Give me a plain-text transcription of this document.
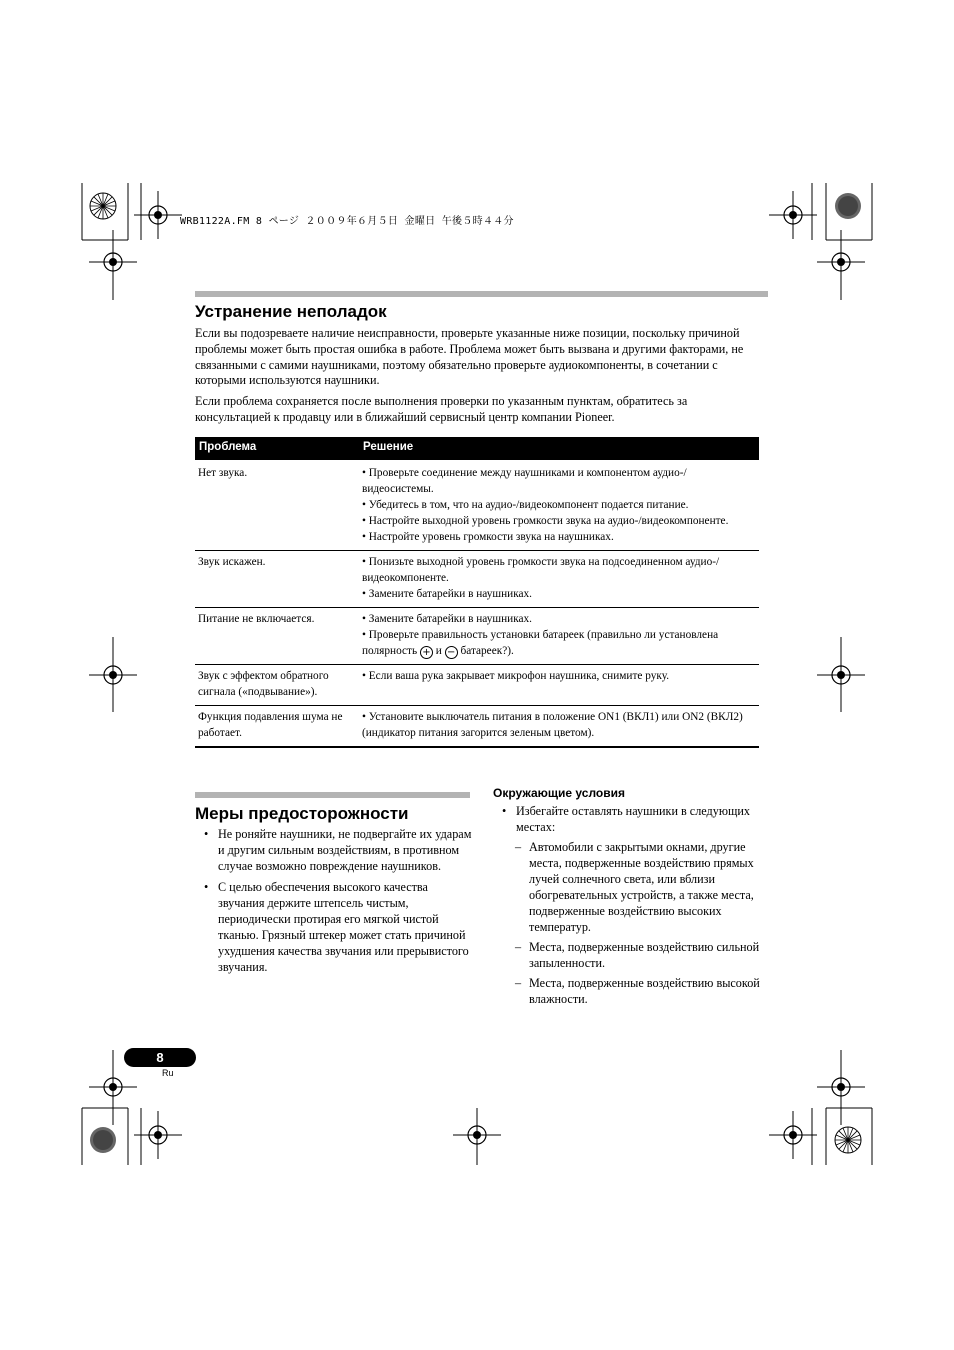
WRB1122A.FM 8 ページ ２００９年６月５日 金曜日 午後５時４４分
Устранение неполадок

Если вы подозреваете наличие неисправности, проверьте указанные ниже позиции, поскольку причиной проблемы может быть простая ошибка в работе. Проблема может быть вызвана и другими факторами, не связанными с самими наушниками, поэтому обязательно проверьте аудиокомпоненты, в сочетании с которыми используются наушники.

Если проблема сохраняется после выполнения проверки по указанным пунктам, обратитесь за консультацией к продавцу или в ближайший сервисный центр компании Pioneer.

Проблема	Решение
Нет звука.	• Проверьте соединение между наушниками и компонентом аудио-/видеосистемы.
• Убедитесь в том, что на аудио-/видеокомпонент подается питание.
• Настройте выходной уровень громкости звука на аудио-/видеокомпоненте.
• Настройте уровень громкости звука на наушниках.

Звук искажен.	• Понизьте выходной уровень громкости звука на подсоединенном аудио-/видеокомпоненте.
• Замените батарейки в наушниках.

Питание не включается.	• Замените батарейки в наушниках.
• Проверьте правильность установки батареек (правильно ли установлена полярность + и − батареек?).

Звук с эффектом обратного сигнала («подвывание»).	• Если ваша рука закрывает микрофон наушника, снимите руку.

Функция подавления шума не работает.	• Установите выключатель питания в положение ON1 (ВКЛ1) или ON2 (ВКЛ2) (индикатор питания загорится зеленым цветом).
Меры предосторожности
• Не роняйте наушники, не подвергайте их ударам и другим сильным воздействиям, в противном случае возможно повреждение наушников.
• С целью обеспечения высокого качества звучания держите штепсель чистым, периодически протирая его мягкой чистой тканью. Грязный штекер может стать причиной ухудшения качества звучания или прерывистого звучания.
Окружающие условия
• Избегайте оставлять наушники в следующих местах:
– Автомобили с закрытыми окнами, другие места, подверженные воздействию прямых лучей солнечного света, или вблизи обогревательных устройств, а также места, подверженные воздействию высоких температур.
– Места, подверженные воздействию сильной запыленности.
– Места, подверженные воздействию высокой влажности.
8
Ru
